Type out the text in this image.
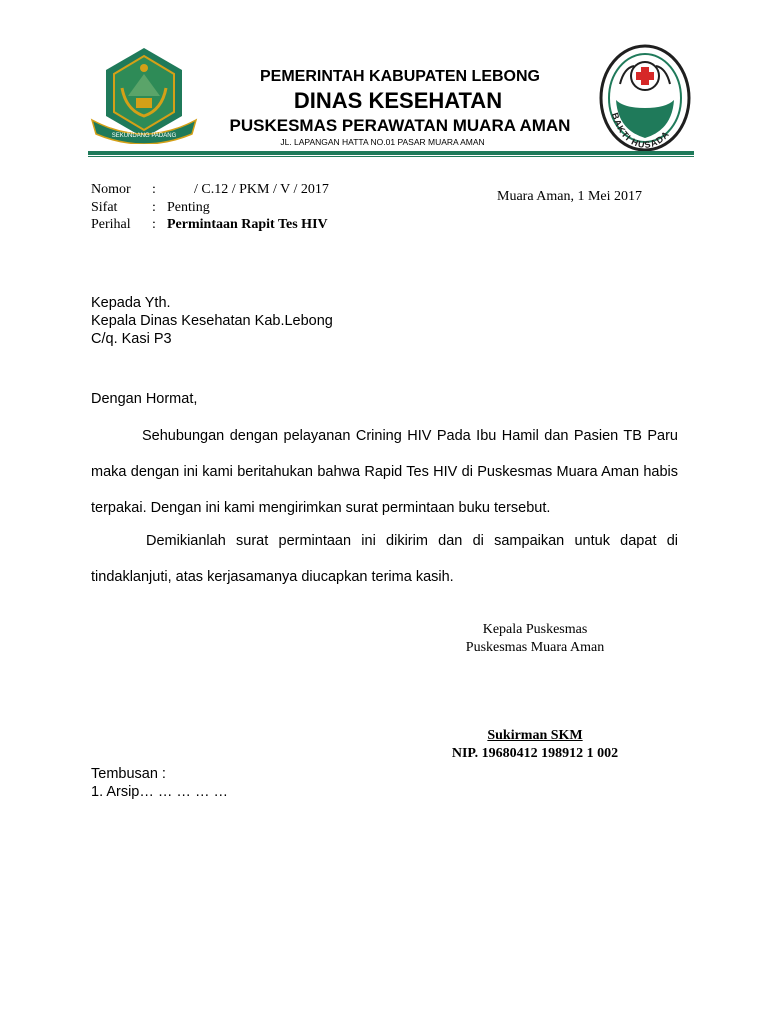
SEKUNDANG PADANG
PEMERINTAH KABUPATEN LEBONG
DINAS KESEHATAN
PUSKESMAS PERAWATAN MUARA AMAN
JL. LAPANGAN HATTA NO.01 PASAR MUARA AMAN
BAKTI HUSADA
Nomor :	/ C.12 / PKM / V / 2017
Sifat : Penting
Perihal : Permintaan Rapit Tes HIV
Muara Aman, 1 Mei 2017
Kepada Yth.
Kepala Dinas Kesehatan Kab.Lebong
C/q. Kasi P3
Dengan Hormat,

Sehubungan dengan pelayanan Crining HIV Pada Ibu Hamil dan Pasien TB Paru maka dengan ini kami beritahukan bahwa Rapid Tes HIV di Puskesmas Muara Aman habis terpakai. Dengan ini kami mengirimkan surat permintaan buku tersebut.

Demikianlah surat permintaan ini dikirim dan di sampaikan untuk dapat di tindaklanjuti, atas kerjasamanya diucapkan terima kasih.

Kepala Puskesmas
Puskesmas Muara Aman
Sukirman SKM
NIP. 19680412 198912 1 002
Tembusan :
1. Arsip… … … … …
